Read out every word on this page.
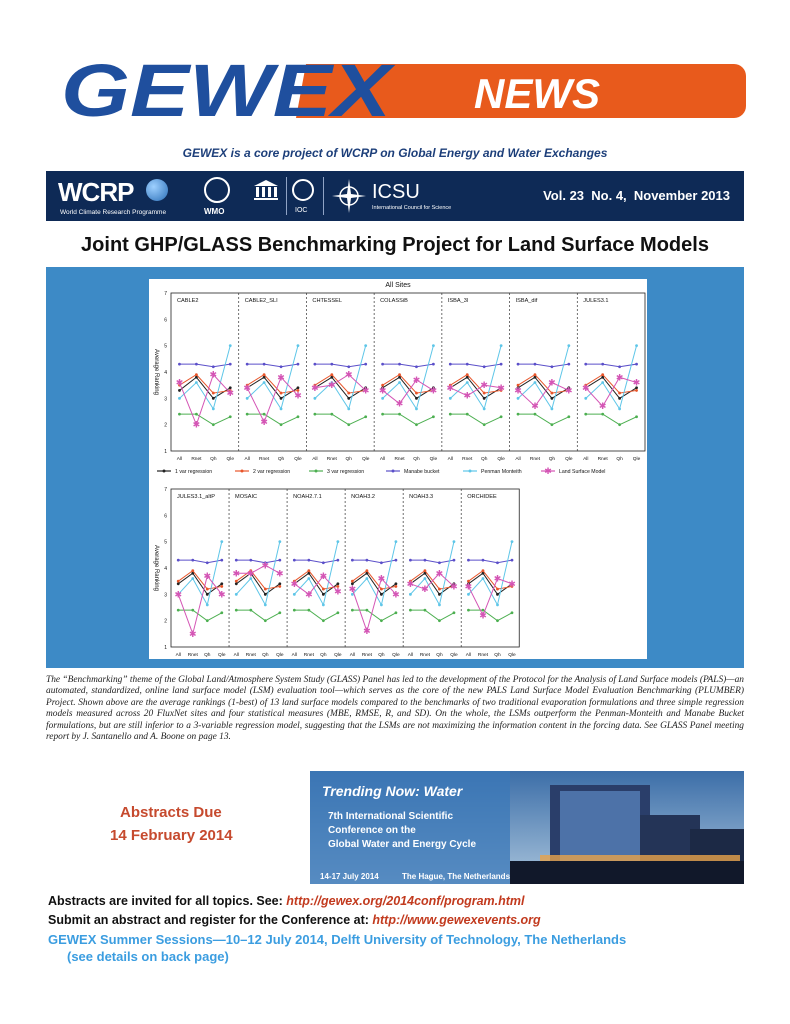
GEWEX NEWS
GEWEX is a core project of WCRP on Global Energy and Water Exchanges
WCRP
World Climate Research Programme	WMO	IOC
ICSU
International Council for Science
Vol. 23  No. 4,  November 2013
Joint GHP/GLASS Benchmarking Project for Land Surface Models
All Sites
1
2
3
4
5
6
7
Average Ranking
CABLE2
All Rnet Qh Qle
✱
✱
✱
✱
CABLE2_SLI
All Rnet Qh Qle
✱
✱
✱
✱
CHTESSEL
All Rnet Qh Qle
✱ ✱
✱
✱
COLASSiB
All Rnet Qh Qle
✱
✱
✱
✱
ISBA_3l
All Rnet Qh Qle
✱
✱
✱ ✱
ISBA_dif
All Rnet Qh Qle
✱
✱
✱
✱
JULES3.1
All Rnet Qh Qle
✱
✱
✱
✱
1
2
3
4
5
6
7
Average Ranking
JULES3.1_altP
All Rnet Qh Qle
✱
✱
✱
✱
MOSAIC
All Rnet Qh Qle
✱ ✱
✱
✱
NOAH2.7.1
All Rnet Qh Qle
✱
✱
✱
✱
NOAH3.2
All Rnet Qh Qle
✱
✱
✱
✱
NOAH3.3
All Rnet Qh Qle
✱
✱
✱
✱
ORCHIDEE
All Rnet Qh Qle
✱
✱
✱
✱
1 var regression	2 var regression	3 var regression	Manabe bucket	Penman Monteith	✱ Land Surface Model
The “Benchmarking” theme of the Global Land/Atmosphere System Study (GLASS) Panel has led to the development of the Protocol for the Analysis of Land Surface models (PALS)—an automated, standardized, online land surface model (LSM) evaluation tool—which serves as the core of the new PALS Land Surface Model Evaluation Benchmarking (PLUMBER) Project. Shown above are the average rankings (1-best) of 13 land surface models compared to the benchmarks of two traditional evaporation formulations and three simple regression models measured across 20 FluxNet sites and four statistical measures (MBE, RMSE, R, and SD). On the whole, the LSMs outperform the Penman-Monteith and Manabe Bucket formulations, but are still inferior to a 3-variable regression model, suggesting that the LSMs are not maximizing the information content in the forcing data. See GLASS Panel meeting report by J. Santanello and A. Boone on page 13.
Abstracts Due
14 February 2014
Trending Now: Water
7th International Scientific
Conference on the
Global Water and Energy Cycle
14-17 July 2014	The Hague, The Netherlands
Abstracts are invited for all topics. See: http://gewex.org/2014conf/program.html
Submit an abstract and register for the Conference at: http://www.gewexevents.org
GEWEX Summer Sessions—10–12 July 2014, Delft University of Technology, The Netherlands
(see details on back page)
